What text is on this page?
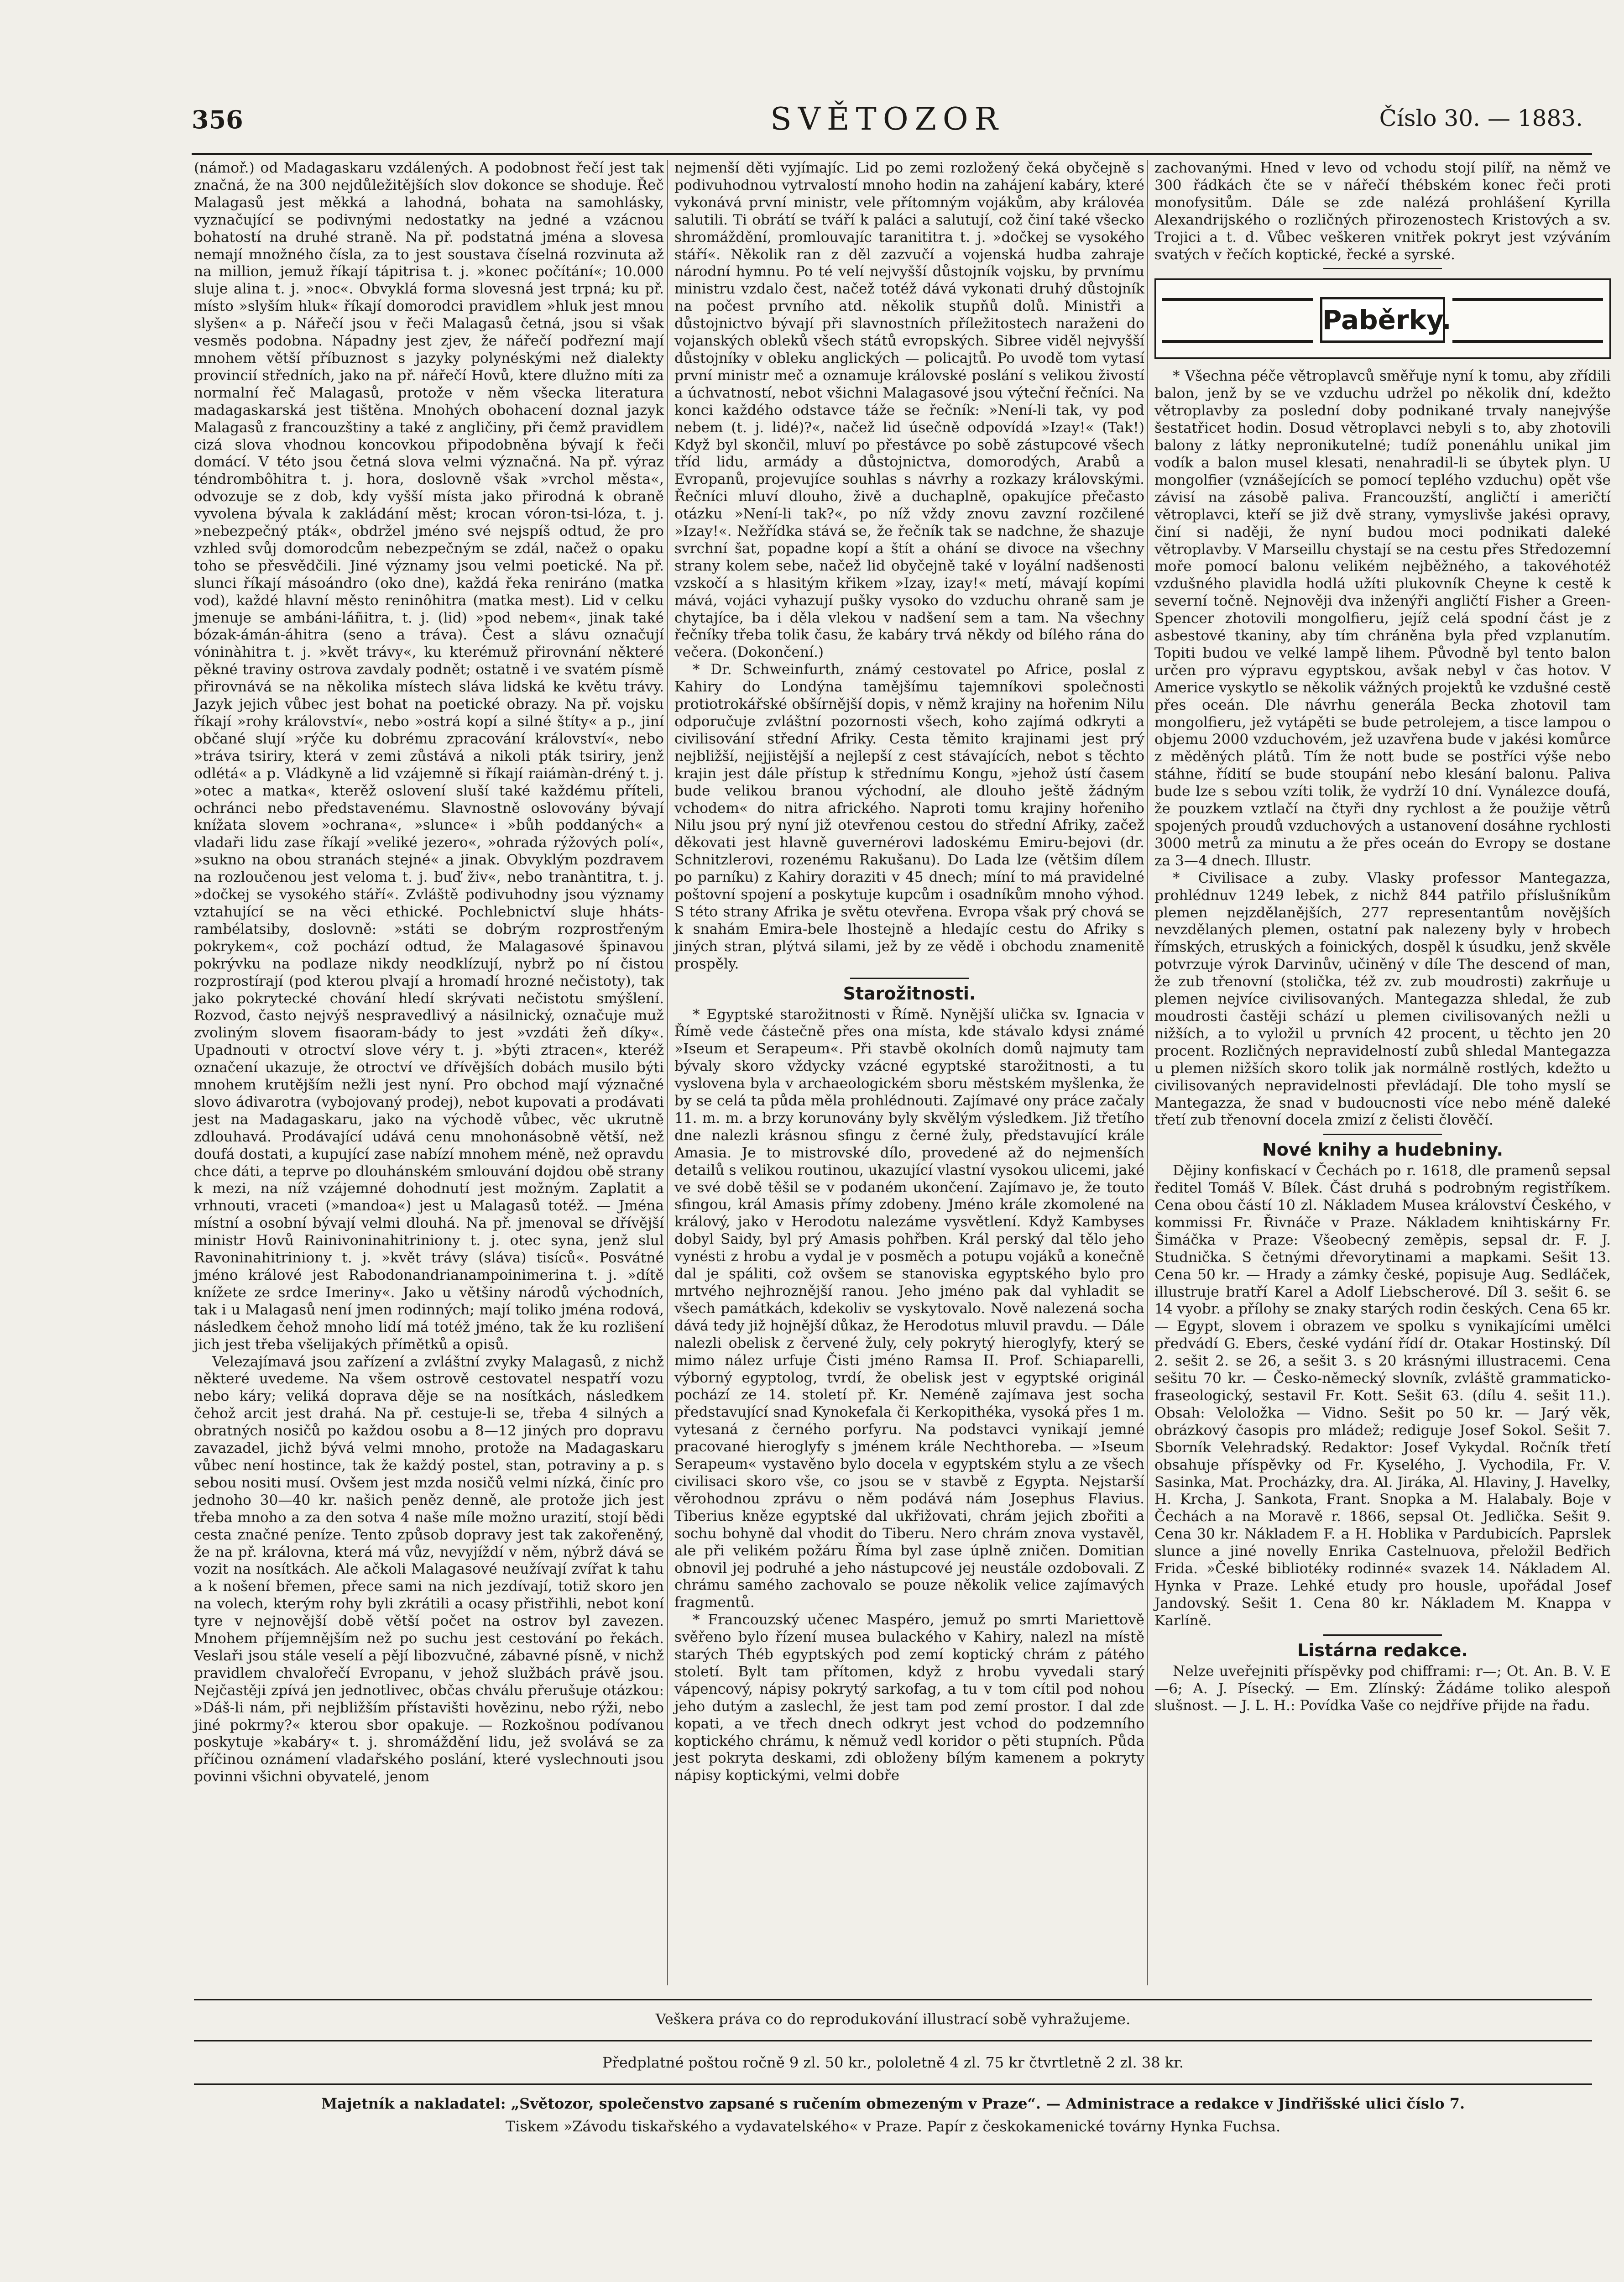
356	SVĚTOZOR	Číslo 30. — 1883.

(námoř.) od Madagaskaru vzdálených. A podobnost řečí jest tak značná, že na 300 nejdůležitějších slov dokonce se shoduje. Řeč Malagasů jest měkká a lahodná, bohata na samohlásky, vyznačující se podivnými nedostatky na jedné a vzácnou bohatostí na druhé straně. Na př. podstatná jména a slovesa nemají množného čísla, za to jest soustava číselná rozvinuta až na million, jemuž říkají tápitrisa t. j. »konec počítání«; 10.000 sluje alina t. j. »noc«. Obvyklá forma slovesná jest trpná; ku př. místo »slyším hluk« říkají domorodci pravidlem »hluk jest mnou slyšen« a p. Nářečí jsou v řeči Malagasů četná, jsou si však vesměs podobna. Nápadny jest zjev, že nářečí podřezní mají mnohem větší příbuznost s jazyky polynéskými než dialekty provincií středních, jako na př. nářečí Hovů, ktere dlužno míti za normalní řeč Malagasů, protože v něm všecka literatura madagaskarská jest tištěna. Mnohých obohacení doznal jazyk Malagasů z francouzštiny a také z angličiny, při čemž pravidlem cizá slova vhodnou koncovkou připodobněna bývají k řeči domácí. V této jsou četná slova velmi význačná. Na př. výraz téndrombôhitra t. j. hora, doslovně však »vrchol města«, odvozuje se z dob, kdy vyšší místa jako přirodná k obraně vyvolena bývala k zakládání měst; krocan vóron-tsi-lóza, t. j. »nebezpečný pták«, obdržel jméno své nejspíš odtud, že pro vzhled svůj domorodcům nebezpečným se zdál, načež o opaku toho se přesvědčili. Jiné významy jsou velmi poetické. Na př. slunci říkají másoándro (oko dne), každá řeka reniráno (matka vod), každé hlavní město reninôhitra (matka mest). Lid v celku jmenuje se ambáni-láñitra, t. j. (lid) »pod nebem«, jinak také bózak-ámán-áhitra (seno a tráva). Čest a slávu označují vóninàhitra t. j. »květ trávy«, ku kterémuž přirovnání některé pěkné traviny ostrova zavdaly podnět; ostatně i ve svatém písmě přirovnává se na několika místech sláva lidská ke květu trávy. Jazyk jejich vůbec jest bohat na poetické obrazy. Na př. vojsku říkají »rohy království«, nebo »ostrá kopí a silné štíty« a p., jiní občané slují »rýče ku dobrému zpracování království«, nebo »tráva tsiriry, která v zemi zůstává a nikoli pták tsiriry, jenž odlétá« a p. Vládkyně a lid vzájemně si říkají raiámàn-dréný t. j. »otec a matka«, kterěž oslovení sluší také každému příteli, ochránci nebo představenému. Slavnostně oslovovány bývají knížata slovem »ochrana«, »slunce« i »bůh poddaných« a vladaři lidu zase říkají »veliké jezero«, »ohrada rýžových polí«, »sukno na obou stranách stejné« a jinak. Obvyklým pozdravem na rozloučenou jest veloma t. j. buď živ«, nebo tranàntitra, t. j. »dočkej se vysokého stáří«. Zvláště podivuhodny jsou významy vztahující se na věci ethické. Pochlebnictví sluje hháts-rambélatsiby, doslovně: »státi se dobrým rozprostřeným pokrykem«, což pochází odtud, že Malagasové špinavou pokrývku na podlaze nikdy neodklízují, nybrž po ní čistou rozprostírají (pod kterou plvají a hromadí hrozné nečistoty), tak jako pokrytecké chování hledí skrývati nečistotu smýšlení. Rozvod, často nejvýš nespravedlivý a násilnický, označuje muž zvoliným slovem fisaoram-bády to jest »vzdáti žeň díky«. Upadnouti v otroctví slove véry t. j. »býti ztracen«, kteréž označení ukazuje, že otroctví ve dřívějších dobách musilo býti mnohem krutějším nežli jest nyní. Pro obchod mají význačné slovo ádivarotra (vybojovaný prodej), nebot kupovati a prodávati jest na Madagaskaru, jako na východě vůbec, věc ukrutně zdlouhavá. Prodávající udává cenu mnohonásobně větší, než doufá dostati, a kupující zase nabízí mnohem méně, než opravdu chce dáti, a teprve po dlouhánském smlouvání dojdou obě strany k mezi, na níž vzájemné dohodnutí jest možným. Zaplatit a vrhnouti, vraceti (»mandoa«) jest u Malagasů totéž. — Jména místní a osobní bývají velmi dlouhá. Na př. jmenoval se dřívější ministr Hovů Rainivoninahitriniony t. j. otec syna, jenž slul Ravoninahitriniony t. j. »květ trávy (sláva) tisíců«. Posvátné jméno králové jest Rabodonandrianampoinimerina t. j. »dítě knížete ze srdce Imeriny«. Jako u většiny národů východních, tak i u Malagasů není jmen rodinných; mají toliko jména rodová, následkem čehož mnoho lidí má totéž jméno, tak že ku rozlišení jich jest třeba všelijakých přímětků a opisů.

Velezajímavá jsou zařízení a zvláštní zvyky Malagasů, z nichž některé uvedeme. Na všem ostrově cestovatel nespatří vozu nebo káry; veliká doprava děje se na nosítkách, následkem čehož arcit jest drahá. Na př. cestuje-li se, třeba 4 silných a obratných nosičů po každou osobu a 8—12 jiných pro dopravu zavazadel, jichž bývá velmi mnoho, protože na Madagaskaru vůbec není hostince, tak že každý postel, stan, potraviny a p. s sebou nositi musí. Ovšem jest mzda nosičů velmi nízká, činíc pro jednoho 30—40 kr. našich peněz denně, ale protože jich jest třeba mnoho a za den sotva 4 naše míle možno urazití, stojí bědi cesta značné peníze. Tento způsob dopravy jest tak zakořeněný, že na př. královna, která má vůz, nevyjíždí v něm, nýbrž dává se vozit na nosítkách. Ale ačkoli Malagasové neužívají zvířat k tahu a k nošení břemen, přece sami na nich jezdívají, totiž skoro jen na volech, kterým rohy byli zkrátili a ocasy přistřihli, nebot koní tyre v nejnovější době větší počet na ostrov byl zavezen. Mnohem příjemnějším než po suchu jest cestování po řekách. Veslaři jsou stále veselí a pějí libozvučné, zábavné písně, v nichž pravidlem chvalořečí Evropanu, v jehož službách právě jsou. Nejčastěji zpívá jen jednotlivec, občas chválu přerušuje otázkou: »Dáš-li nám, při nejbližším přístavišti hovězinu, nebo rýži, nebo jiné pokrmy?« kterou sbor opakuje. — Rozkošnou podívanou poskytuje »kabáry« t. j. shromáždění lidu, jež svolává se za příčinou oznámení vladařského poslání, které vyslechnouti jsou povinni všichni obyvatelé, jenom

nejmenší děti vyjímajíc. Lid po zemi rozložený čeká obyčejně s podivuhodnou vytrvalostí mnoho hodin na zahájení kabáry, které vykonává první ministr, vele přítomným vojákům, aby královéa salutili. Ti obrátí se tváří k paláci a salutují, což činí také všecko shromáždění, promlouvajíc taranititra t. j. »dočkej se vysokého stáří«. Několik ran z děl zazvučí a vojenská hudba zahraje národní hymnu. Po té velí nejvyšší důstojník vojsku, by prvnímu ministru vzdalo čest, načež totéž dává vykonati druhý důstojník na počest prvního atd. několik stupňů dolů. Ministři a důstojnictvo bývají při slavnostních příležitostech naraženi do vojanských obleků všech států evropských. Sibree viděl nejvyšší důstojníky v obleku anglických — policajtů. Po uvodě tom vytasí první ministr meč a oznamuje královské poslání s velikou živostí a úchvatností, nebot všichni Malagasové jsou výteční řečníci. Na konci každého odstavce táže se řečník: »Není-li tak, vy pod nebem (t. j. lidé)?«, načež lid úsečně odpovídá »Izay!« (Tak!) Když byl skončil, mluví po přestávce po sobě zástupcové všech tříd lidu, armády a důstojnictva, domorodých, Arabů a Evropanů, projevujíce souhlas s návrhy a rozkazy královskými. Řečníci mluví dlouho, živě a duchaplně, opakujíce přečasto otázku »Není-li tak?«, po níž vždy znovu zavzní rozčilené »Izay!«. Nežřídka stává se, že řečník tak se nadchne, že shazuje svrchní šat, popadne kopí a štít a ohání se divoce na všechny strany kolem sebe, načež lid obyčejně také v loyální nadšenosti vzskočí a s hlasitým křikem »Izay, izay!« metí, mávají kopími mává, vojáci vyhazují pušky vysoko do vzduchu ohraně sam je chytajíce, ba i děla vlekou v nadšení sem a tam. Na všechny řečníky třeba tolik času, že kabáry trvá někdy od bílého rána do večera. (Dokončení.)

* Dr. Schweinfurth, známý cestovatel po Africe, poslal z Kahiry do Londýna tamějšímu tajemníkovi společnosti protiotrokářské obšírnější dopis, v němž krajiny na hořenim Nilu odporučuje zvláštní pozornosti všech, koho zajímá odkryti a civilisování střední Afriky. Cesta těmito krajinami jest prý nejbližší, nejjistější a nejlepší z cest stávajících, nebot s těchto krajin jest dále přístup k střednímu Kongu, »jehož ústí časem bude velikou branou východní, ale dlouho ještě žádným vchodem« do nitra afrického. Naproti tomu krajiny hořeniho Nilu jsou prý nyní již otevřenou cestou do střední Afriky, začež děkovati jest hlavně guvernérovi ladoskému Emiru-bejovi (dr. Schnitzlerovi, rozenému Rakušanu). Do Lada lze (většim dílem po parníku) z Kahiry doraziti v 45 dnech; míní to má pravidelné poštovní spojení a poskytuje kupcům i osadníkům mnoho výhod. S této strany Afrika je světu otevřena. Evropa však prý chová se k snahám Emira-bele lhostejně a hledajíc cestu do Afriky s jiných stran, plýtvá silami, jež by ze vědě i obchodu znamenitě prospěly.

Starožitnosti.

* Egyptské starožitnosti v Římě. Nynější ulička sv. Ignacia v Římě vede částečně přes ona místa, kde stávalo kdysi známé »Iseum et Serapeum«. Při stavbě okolních domů najmuty tam bývaly skoro vždycky vzácné egyptské starožitnosti, a tu vyslovena byla v archaeologickém sboru městském myšlenka, že by se celá ta půda měla prohlédnouti. Zajímavé ony práce začaly 11. m. m. a brzy korunovány byly skvělým výsledkem. Již třetího dne nalezli krásnou sfingu z černé žuly, představující krále Amasia. Je to mistrovské dílo, provedené až do nejmenších detailů s velikou routinou, ukazující vlastní vysokou ulicemi, jaké ve své době těšil se v podaném ukončení. Zajímavo je, že touto sfingou, král Amasis přímy zdobeny. Jméno krále zkomolené na králový, jako v Herodotu nalezáme vysvětlení. Když Kambyses dobyl Saidy, byl prý Amasis pohřben. Král perský dal tělo jeho vynésti z hrobu a vydal je v posměch a potupu vojáků a konečně dal je spáliti, což ovšem se stanoviska egyptského bylo pro mrtvého nejhroznější ranou. Jeho jméno pak dal vyhladit se všech památkách, kdekoliv se vyskytovalo. Nově nalezená socha dává tedy již hojnější důkaz, že Herodotus mluvil pravdu. — Dále nalezli obelisk z červené žuly, cely pokrytý hieroglyfy, který se mimo nález urfuje Čisti jméno Ramsa II. Prof. Schiaparelli, výborný egyptolog, tvrdí, že obelisk jest v egyptské originál pochází ze 14. století př. Kr. Neméně zajímava jest socha představující snad Kynokefala či Kerkopithéka, vysoká přes 1 m. vytesaná z černého porfyru. Na podstavci vynikají jemné pracované hieroglyfy s jménem krále Nechthoreba. — »Iseum Serapeum« vystavěno bylo docela v egyptském stylu a ze všech civilisaci skoro vše, co jsou se v stavbě z Egypta. Nejstarší věrohodnou zprávu o něm podává nám Josephus Flavius. Tiberius kněze egyptské dal ukřižovati, chrám jejich zbořiti a sochu bohyně dal vhodit do Tiberu. Nero chrám znova vystavěl, ale při velikém požáru Říma byl zase úplně zničen. Domitian obnovil jej podruhé a jeho nástupcové jej neustále ozdobovali. Z chrámu samého zachovalo se pouze několik velice zajímavých fragmentů.

* Francouzský učenec Maspéro, jemuž po smrti Mariettově svěřeno bylo řízení musea bulackého v Kahiry, nalezl na místě starých Théb egyptských pod zemí koptický chrám z pátého století. Bylt tam přítomen, když z hrobu vyvedali starý vápencový, nápisy pokrytý sarkofag, a tu v tom cítil pod nohou jeho dutým a zaslechl, že jest tam pod zemí prostor. I dal zde kopati, a ve třech dnech odkryt jest vchod do podzemního koptického chrámu, k němuž vedl koridor o pěti stupních. Půda jest pokryta deskami, zdi obloženy bílým kamenem a pokryty nápisy koptickými, velmi dobře

zachovanými. Hned v levo od vchodu stojí pilíř, na němž ve 300 řádkách čte se v nářečí thébském konec řeči proti monofysitům. Dále se zde nalézá prohlášení Kyrilla Alexandrijského o rozličných přirozenostech Kristových a sv. Trojici a t. d. Vůbec veškeren vnitřek pokryt jest vzýváním svatých v řečích koptické, řecké a syrské.

Paběrky.

* Všechna péče větroplavců směřuje nyní k tomu, aby zřídili balon, jenž by se ve vzduchu udržel po několik dní, kdežto větroplavby za poslední doby podnikané trvaly nanejvýše šestatřicet hodin. Dosud větroplavci nebyli s to, aby zhotovili balony z látky nepronikutelné; tudíž ponenáhlu unikal jim vodík a balon musel klesati, nenahradil-li se úbytek plyn. U mongolfier (vznášejících se pomocí teplého vzduchu) opět vše závisí na zásobě paliva. Francouzští, angličtí i američtí větroplavci, kteří se již dvě strany, vymyslivše jakési opravy, činí si naději, že nyní budou moci podnikati daleké větroplavby. V Marseillu chystají se na cestu přes Středozemní moře pomocí balonu velikém nejběžného, a takovéhotéž vzdušného plavidla hodlá užíti plukovník Cheyne k cestě k severní točně. Nejnověji dva inženýři angličtí Fisher a Green-Spencer zhotovili mongolfieru, jejíž celá spodní část je z asbestové tkaniny, aby tím chráněna byla před vzplanutím. Topiti budou ve velké lampě lihem. Původně byl tento balon určen pro výpravu egyptskou, avšak nebyl v čas hotov. V Americe vyskytlo se několik vážných projektů ke vzdušné cestě přes oceán. Dle návrhu generála Becka zhotovil tam mongolfieru, jež vytápěti se bude petrolejem, a tisce lampou o objemu 2000 vzduchovém, jež uzavřena bude v jakési komůrce z měděných plátů. Tím že nott bude se postříci výše nebo stáhne, řídití se bude stoupání nebo klesání balonu. Paliva bude lze s sebou vzíti tolik, že vydrží 10 dní. Vynálezce doufá, že pouzkem vztlačí na čtyři dny rychlost a že použije větrů spojených proudů vzduchových a ustanovení dosáhne rychlosti 3000 metrů za minutu a že přes oceán do Evropy se dostane za 3—4 dnech. Illustr.

* Civilisace a zuby. Vlasky professor Mantegazza, prohlédnuv 1249 lebek, z nichž 844 patřilo příslušníkům plemen nejzdělanějších, 277 representantům novějších nevzdělaných plemen, ostatní pak nalezeny byly v hrobech římských, etruských a foinických, dospěl k úsudku, jenž skvěle potvrzuje výrok Darvinův, učiněný v díle The descend of man, že zub třenovní (stolička, též zv. zub moudrosti) zakrňuje u plemen nejvíce civilisovaných. Mantegazza shledal, že zub moudrosti častěji schází u plemen civilisovaných nežli u nižších, a to vyložil u prvních 42 procent, u těchto jen 20 procent. Rozličných nepravidelností zubů shledal Mantegazza u plemen nižších skoro tolik jak normálně rostlých, kdežto u civilisovaných nepravidelnosti převládají. Dle toho myslí se Mantegazza, že snad v budoucnosti více nebo méně daleké třetí zub třenovní docela zmizí z čelisti člověčí.

Nové knihy a hudebniny.

Dějiny konfiskací v Čechách po r. 1618, dle pramenů sepsal ředitel Tomáš V. Bílek. Část druhá s podrobným registříkem. Cena obou částí 10 zl. Nákladem Musea království Českého, v kommissi Fr. Řivnáče v Praze. Nákladem knihtiskárny Fr. Šimáčka v Praze: Všeobecný zeměpis, sepsal dr. F. J. Studnička. S četnými dřevorytinami a mapkami. Sešit 13. Cena 50 kr. — Hrady a zámky české, popisuje Aug. Sedláček, illustruje bratří Karel a Adolf Liebscherové. Díl 3. sešit 6. se 14 vyobr. a přílohy se znaky starých rodin českých. Cena 65 kr. — Egypt, slovem i obrazem ve spolku s vynikajícími umělci předvádí G. Ebers, české vydání řídí dr. Otakar Hostinský. Díl 2. sešit 2. se 26, a sešit 3. s 20 krásnými illustracemi. Cena sešitu 70 kr. — Česko-německý slovník, zvláště grammaticko-fraseologický, sestavil Fr. Kott. Sešit 63. (dílu 4. sešit 11.). Obsah: Veloložka — Vidno. Sešit po 50 kr. — Jarý věk, obrázkový časopis pro mládež; rediguje Josef Sokol. Sešit 7. Sborník Velehradský. Redaktor: Josef Vykydal. Ročník třetí obsahuje příspěvky od Fr. Kyselého, J. Vychodila, Fr. V. Sasinka, Mat. Procházky, dra. Al. Jiráka, Al. Hlaviny, J. Havelky, H. Krcha, J. Sankota, Frant. Snopka a M. Halabaly. Boje v Čechách a na Moravě r. 1866, sepsal Ot. Jedlička. Sešit 9. Cena 30 kr. Nákladem F. a H. Hoblika v Pardubicích. Paprslek slunce a jiné novelly Enrika Castelnuova, přeložil Bedřich Frida. »České bibliotéky rodinné« svazek 14. Nákladem Al. Hynka v Praze. Lehké etudy pro housle, upořádal Josef Jandovský. Sešit 1. Cena 80 kr. Nákladem M. Knappa v Karlíně.

Listárna redakce.

Nelze uveřejniti příspěvky pod chifframi: r—; Ot. An. B. V. E—6; A. J. Písecký. — Em. Zlínský: Žádáme toliko alespoň slušnost. — J. L. H.: Povídka Vaše co nejdříve přijde na řadu.

Veškera práva co do reprodukování illustrací sobě vyhražujeme.
Předplatné poštou ročně 9 zl. 50 kr., pololetně 4 zl. 75 kr čtvrtletně 2 zl. 38 kr.
Majetník a nakladatel: „Světozor, společenstvo zapsané s ručením obmezeným v Praze“. — Administrace a redakce v Jindřišské ulici číslo 7.
Tiskem »Závodu tiskařského a vydavatelského« v Praze. Papír z českokamenické továrny Hynka Fuchsa.
